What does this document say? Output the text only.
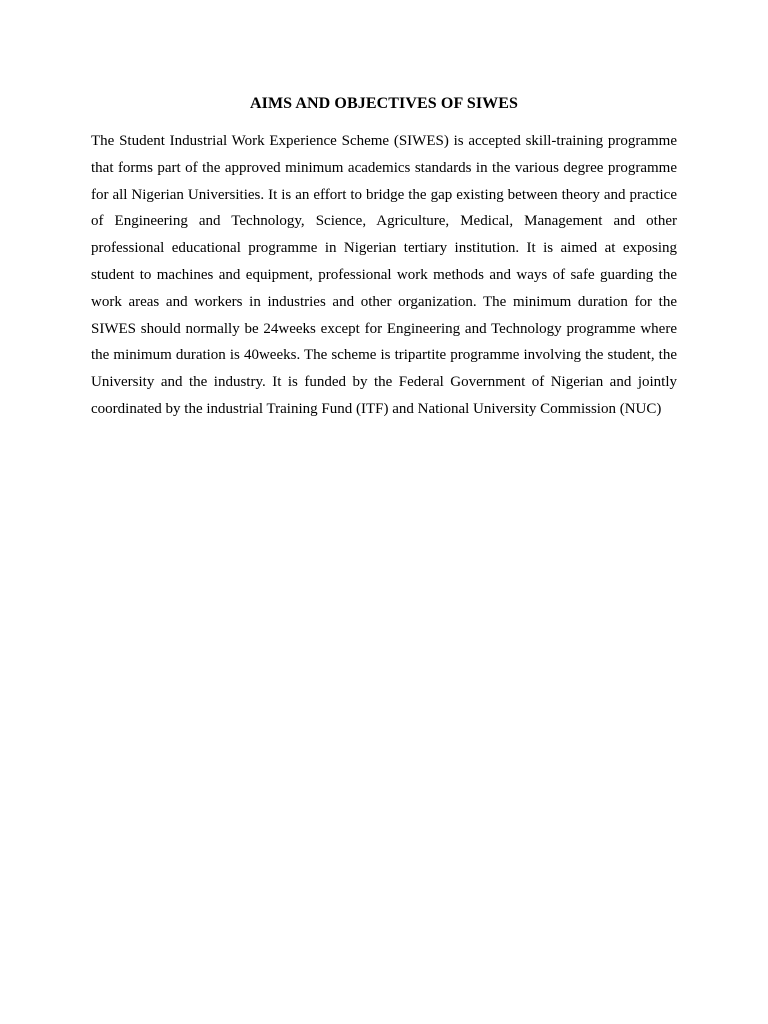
AIMS AND OBJECTIVES OF SIWES

The Student Industrial Work Experience Scheme (SIWES) is accepted skill-training programme that forms part of the approved minimum academics standards in the various degree programme for all Nigerian Universities. It is an effort to bridge the gap existing between theory and practice of Engineering and Technology, Science, Agriculture, Medical, Management and other professional educational programme in Nigerian tertiary institution. It is aimed at exposing student to machines and equipment, professional work methods and ways of safe guarding the work areas and workers in industries and other organization. The minimum duration for the SIWES should normally be 24weeks except for Engineering and Technology programme where the minimum duration is 40weeks. The scheme is tripartite programme involving the student, the University and the industry. It is funded by the Federal Government of Nigerian and jointly coordinated by the industrial Training Fund (ITF) and National University Commission (NUC)
